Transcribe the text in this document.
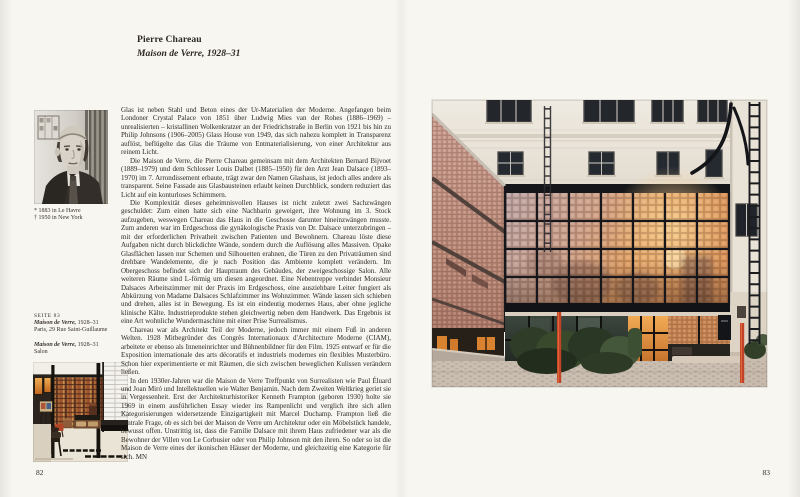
Pierre Chareau
Maison de Verre, 1928–31
* 1883 in Le Havre
† 1950 in New York
SEITE 83
Maison de Verre, 1928–31
Paris, 29 Rue Saint-Guillaume
Maison de Verre, 1928–31
Salon

Glas ist neben Stahl und Beton eines der Ur-Materialien der Moderne. Angefangen beim Londoner Crystal Palace von 1851 über Ludwig Mies van der Rohes (1886–1969) – unrealisierten – kristallinen Wolkenkratzer an der Friedrichstraße in Berlin von 1921 bis hin zu Philip Johnsons (1906–2005) Glass House von 1949, das sich nahezu komplett in Transparenz auflöst, beflügelte das Glas die Träume von Entmaterialisierung, von einer Architektur aus reinem Licht.

Die Maison de Verre, die Pierre Chareau gemeinsam mit dem Architekten Bernard Bijvoet (1889–1979) und dem Schlosser Louis Dalbet (1885–1950) für den Arzt Jean Dalsace (1893–1970) im 7. Arrondissement erbaute, trägt zwar den Namen Glashaus, ist jedoch alles andere als transparent. Seine Fassade aus Glasbausteinen erlaubt keinen Durchblick, sondern reduziert das Licht auf ein konturloses Schimmern.

Die Komplexität dieses geheimnisvollen Hauses ist nicht zuletzt zwei Sachzwängen geschuldet: Zum einen hatte sich eine Nachbarin geweigert, ihre Wohnung im 3. Stock aufzugeben, weswegen Chareau das Haus in die Geschosse darunter hineinzwängen musste. Zum anderen war im Erdgeschoss die gynäkologische Praxis von Dr. Dalsace unterzubringen – mit der erforderlichen Privatheit zwischen Patienten und Bewohnern. Chareau löste diese Aufgaben nicht durch blickdichte Wände, sondern durch die Auflösung alles Massiven. Opake Glasflächen lassen nur Schemen und Silhouetten erahnen, die Türen zu den Privaträumen sind drehbare Wandelemente, die je nach Position das Ambiente komplett verändern. Im Obergeschoss befindet sich der Hauptraum des Gebäudes, der zweigeschossige Salon. Alle weiteren Räume sind L-förmig um diesen angeordnet. Eine Nebentreppe verbindet Monsieur Dalsaces Arbeitszimmer mit der Praxis im Erdgeschoss, eine ausziehbare Leiter fungiert als Abkürzung von Madame Dalsaces Schlafzimmer ins Wohnzimmer. Wände lassen sich schieben und drehen, alles ist in Bewegung. Es ist ein eindeutig modernes Haus, aber ohne jegliche klinische Kälte. Industrieprodukte stehen gleichwertig neben dem Handwerk. Das Ergebnis ist eine Art wohnliche Wundermaschine mit einer Prise Surrealismus.

Chareau war als Architekt Teil der Moderne, jedoch immer mit einem Fuß in anderen Welten. 1928 Mitbegründer des Congrès Internationaux d'Architecture Moderne (CIAM), arbeitete er ebenso als Inneneinrichter und Bühnenbildner für den Film. 1925 entwarf er für die Exposition internationale des arts décoratifs et industriels modernes ein flexibles Musterbüro. Schon hier experimentierte er mit Räumen, die sich zwischen beweglichen Kulissen verändern ließen.

In den 1930er-Jahren war die Maison de Verre Treffpunkt von Surrealisten wie Paul Éluard und Joan Miró und Intellektuellen wie Walter Benjamin. Nach dem Zweiten Weltkrieg geriet sie in Vergessenheit. Erst der Architekturhistoriker Kenneth Frampton (geboren 1930) holte sie 1969 in einem ausführlichen Essay wieder ins Rampenlicht und verglich ihre sich allen Kategorisierungen widersetzende Einzigartigkeit mit Marcel Duchamp. Frampton ließ die zentrale Frage, ob es sich bei der Maison de Verre um Architektur oder ein Möbelstück handele, bewusst offen. Unstrittig ist, dass die Familie Dalsace mit ihrem Haus zufriedener war als die Bewohner der Villen von Le Corbusier oder von Philip Johnson mit den ihren. So oder so ist die Maison de Verre eines der ikonischen Häuser der Moderne, und gleichzeitig eine Kategorie für sich. MN

82	83
